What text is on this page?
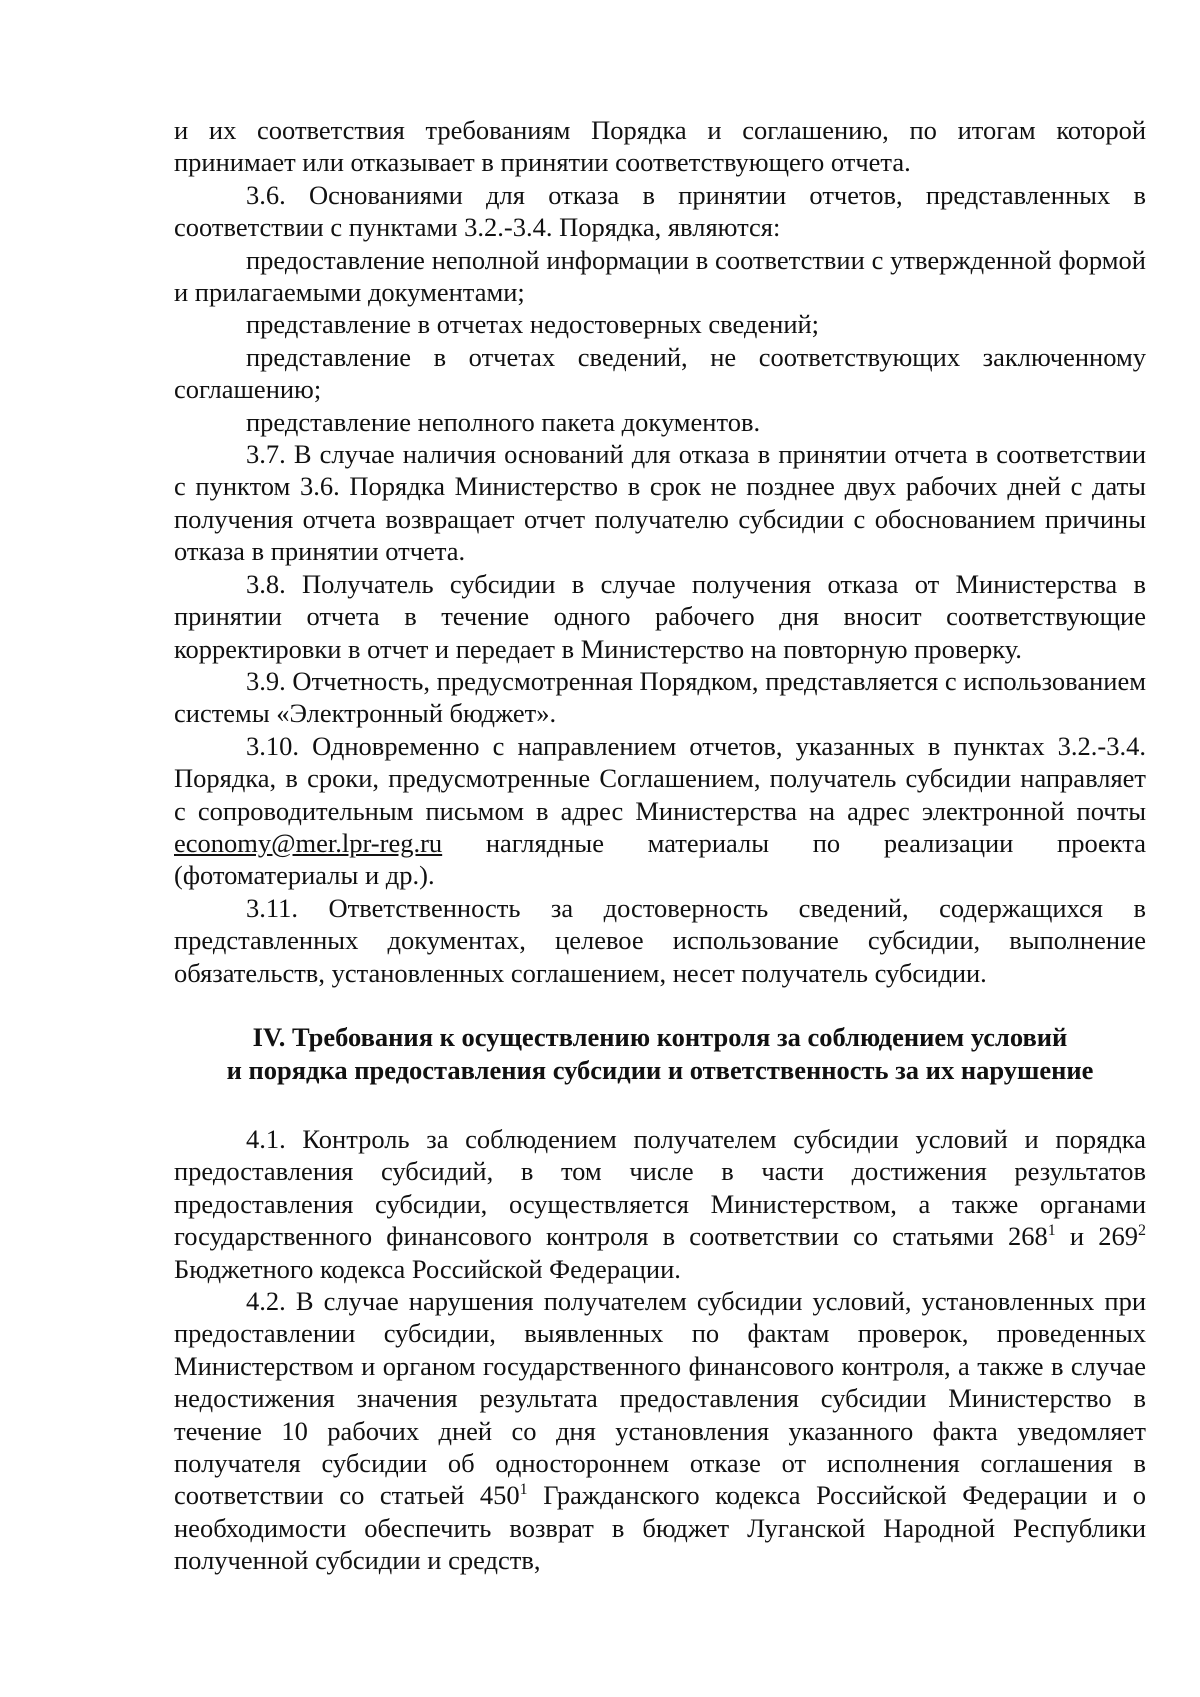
и их соответствия требованиям Порядка и соглашению, по итогам которой принимает или отказывает в принятии соответствующего отчета.

3.6. Основаниями для отказа в принятии отчетов, представленных в соответствии с пунктами 3.2.-3.4. Порядка, являются:

предоставление неполной информации в соответствии с утвержденной формой и прилагаемыми документами;

представление в отчетах недостоверных сведений;

представление в отчетах сведений, не соответствующих заключенному соглашению;

представление неполного пакета документов.

3.7. В случае наличия оснований для отказа в принятии отчета в соответствии с пунктом 3.6. Порядка Министерство в срок не позднее двух рабочих дней с даты получения отчета возвращает отчет получателю субсидии с обоснованием причины отказа в принятии отчета.

3.8. Получатель субсидии в случае получения отказа от Министерства в принятии отчета в течение одного рабочего дня вносит соответствующие корректировки в отчет и передает в Министерство на повторную проверку.

3.9. Отчетность, предусмотренная Порядком, представляется с использованием системы «Электронный бюджет».

3.10. Одновременно с направлением отчетов, указанных в пунктах 3.2.-3.4. Порядка, в сроки, предусмотренные Соглашением, получатель субсидии направляет с сопроводительным письмом в адрес Министерства на адрес электронной почты economy@mer.lpr-reg.ru наглядные материалы по реализации проекта (фотоматериалы и др.).

3.11. Ответственность за достоверность сведений, содержащихся в представленных документах, целевое использование субсидии, выполнение обязательств, установленных соглашением, несет получатель субсидии.

IV. Требования к осуществлению контроля за соблюдением условий

и порядка предоставления субсидии и ответственность за их нарушение

4.1. Контроль за соблюдением получателем субсидии условий и порядка предоставления субсидий, в том числе в части достижения результатов предоставления субсидии, осуществляется Министерством, а также органами государственного финансового контроля в соответствии со статьями $268^1$ и $269^2$ Бюджетного кодекса Российской Федерации.

4.2. В случае нарушения получателем субсидии условий, установленных при предоставлении субсидии, выявленных по фактам проверок, проведенных Министерством и органом государственного финансового контроля, а также в случае недостижения значения результата предоставления субсидии Министерство в течение 10 рабочих дней со дня установления указанного факта уведомляет получателя субсидии об одностороннем отказе от исполнения соглашения в соответствии со статьей $450^1$ Гражданского кодекса Российской Федерации и о необходимости обеспечить возврат в бюджет Луганской Народной Республики полученной субсидии и средств,
